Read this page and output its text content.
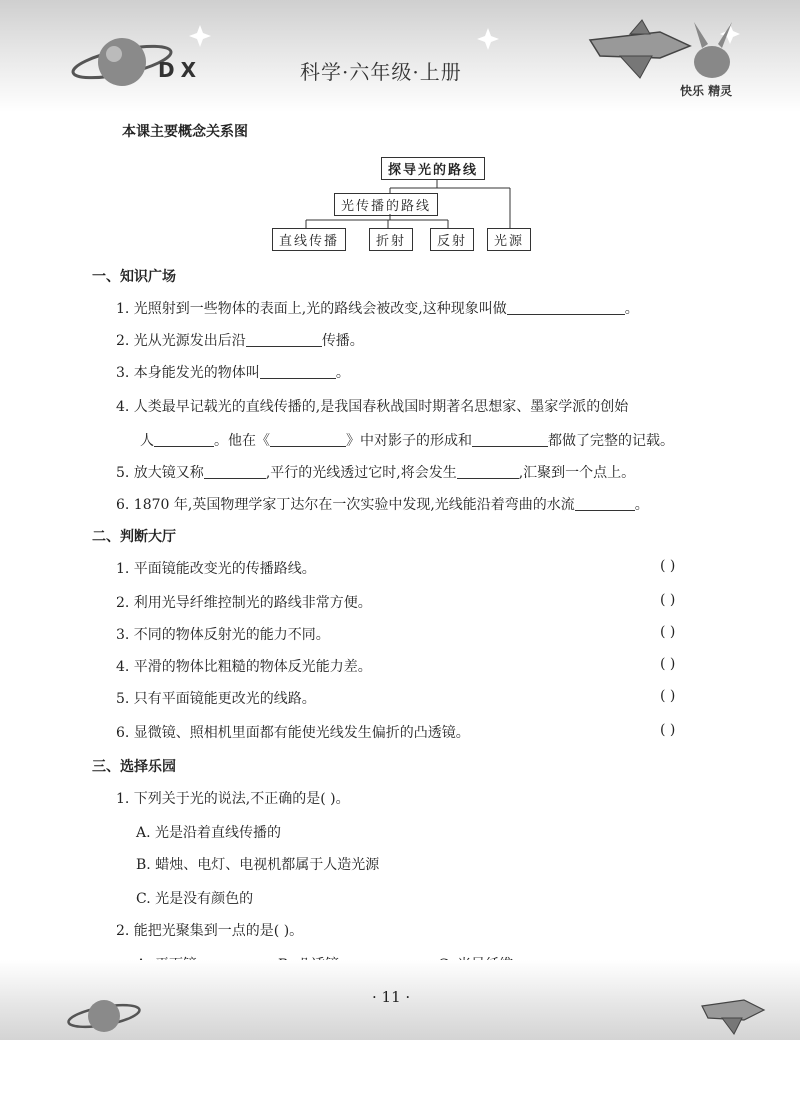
DX	科学·六年级·上册
快乐 精灵
本课主要概念关系图
探导光的路线
光传播的路线
直线传播	折射	反射	光源
一、知识广场
1. 光照射到一些物体的表面上,光的路线会被改变,这种现象叫做	。
2. 光从光源发出后沿	传播。
3. 本身能发光的物体叫	。
4. 人类最早记载光的直线传播的,是我国春秋战国时期著名思想家、墨家学派的创始
人	。他在《	》中对影子的形成和	都做了完整的记载。
5. 放大镜又称	,平行的光线透过它时,将会发生	,汇聚到一个点上。
6. 1870 年,英国物理学家丁达尔在一次实验中发现,光线能沿着弯曲的水流	。
二、判断大厅
1. 平面镜能改变光的传播路线。	( )
2. 利用光导纤维控制光的路线非常方便。	( )
3. 不同的物体反射光的能力不同。	( )
4. 平滑的物体比粗糙的物体反光能力差。	( )
5. 只有平面镜能更改光的线路。	( )
6. 显微镜、照相机里面都有能使光线发生偏折的凸透镜。	( )
三、选择乐园
1. 下列关于光的说法,不正确的是( )。
A. 光是沿着直线传播的
B. 蜡烛、电灯、电视机都属于人造光源
C. 光是没有颜色的
2. 能把光聚集到一点的是( )。
· 11 ·
